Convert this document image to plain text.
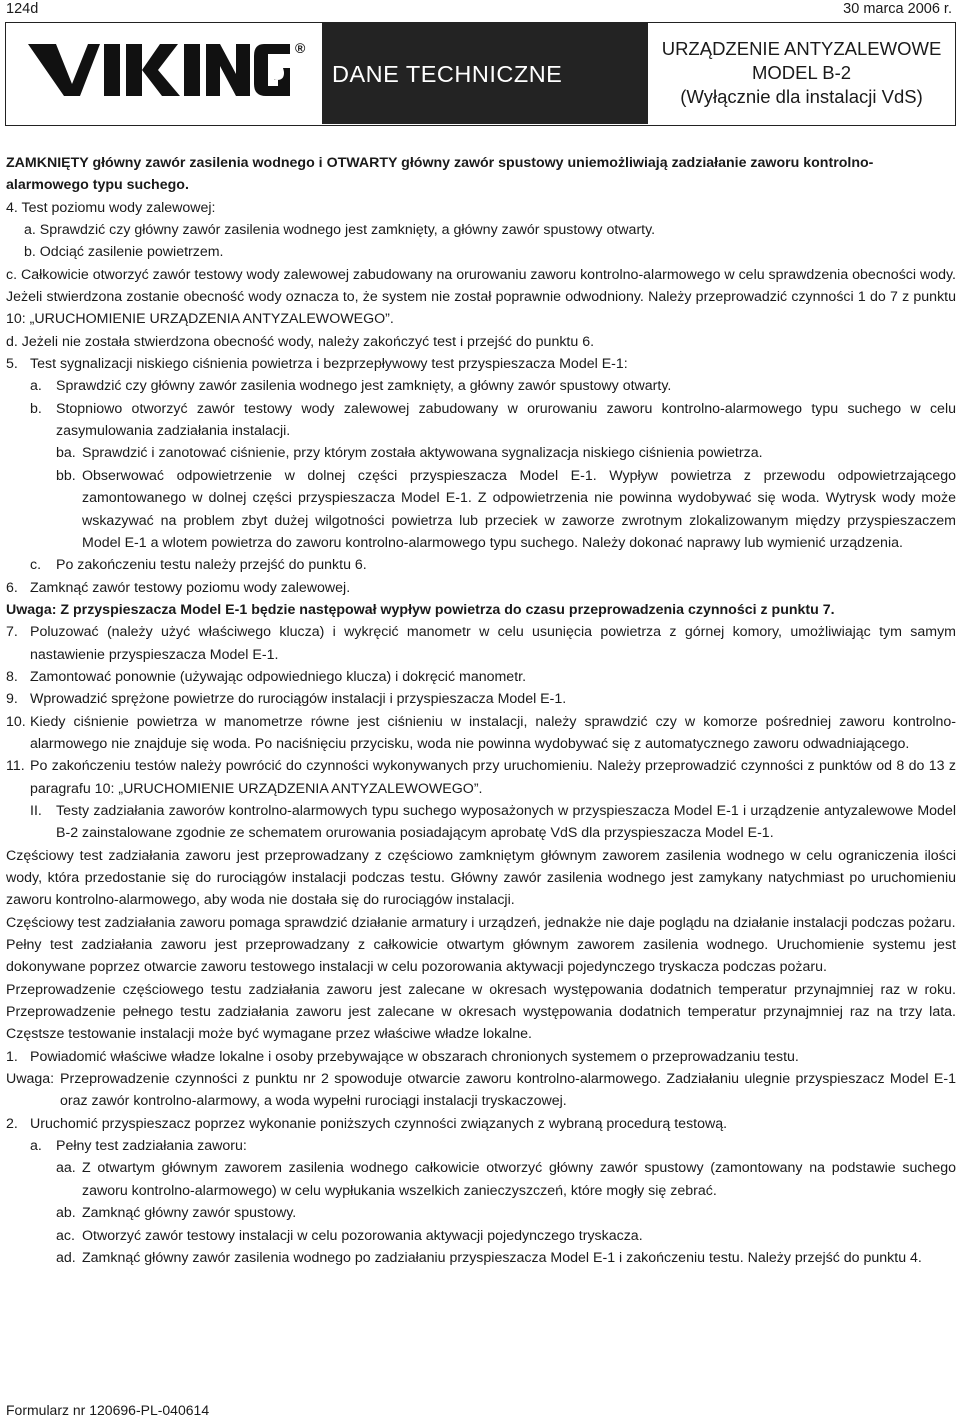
124d	30 marca 2006 r.
®
DANE TECHNICZNE
URZĄDZENIE ANTYZALEWOWE
MODEL B-2
(Wyłącznie dla instalacji VdS)

ZAMKNIĘTY główny zawór zasilenia wodnego i OTWARTY główny zawór spustowy uniemożliwiają zadziałanie zaworu kontrolno-alarmowego typu suchego.

4. Test poziomu wody zalewowej:

a. Sprawdzić czy główny zawór zasilenia wodnego jest zamknięty, a główny zawór spustowy otwarty.

b. Odciąć zasilenie powietrzem.

c. Całkowicie otworzyć zawór testowy wody zalewowej zabudowany na orurowaniu zaworu kontrolno-alarmowego w celu sprawdzenia obecności wody. Jeżeli stwierdzona zostanie obecność wody oznacza to, że system nie został poprawnie odwodniony. Należy przeprowadzić czynności 1 do 7 z punktu 10: „URUCHOMIENIE URZĄDZENIA ANTYZALEWOWEGO”.

d. Jeżeli nie została stwierdzona obecność wody, należy zakończyć test i przejść do punktu 6.

5. Test sygnalizacji niskiego ciśnienia powietrza i bezprzepływowy test przyspieszacza Model E-1:
a. Sprawdzić czy główny zawór zasilenia wodnego jest zamknięty, a główny zawór spustowy otwarty.
b. Stopniowo otworzyć zawór testowy wody zalewowej zabudowany w orurowaniu zaworu kontrolno-alarmowego typu suchego w celu zasymulowania zadziałania instalacji.
ba. Sprawdzić i zanotować ciśnienie, przy którym została aktywowana sygnalizacja niskiego ciśnienia powietrza.
bb. Obserwować odpowietrzenie w dolnej części przyspieszacza Model E-1. Wypływ powietrza z przewodu odpowietrzającego zamontowanego w dolnej części przyspieszacza Model E-1. Z odpowietrzenia nie powinna wydobywać się woda. Wytrysk wody może wskazywać na problem zbyt dużej wilgotności powietrza lub przeciek w zaworze zwrotnym zlokalizowanym między przyspieszaczem Model E-1 a wlotem powietrza do zaworu kontrolno-alarmowego typu suchego. Należy dokonać naprawy lub wymienić urządzenia.
c.	Po zakończeniu testu należy przejść do punktu 6.
6. Zamknąć zawór testowy poziomu wody zalewowej.

Uwaga: Z przyspieszacza Model E-1 będzie następował wypływ powietrza do czasu przeprowadzenia czynności z punktu 7.

7. Poluzować (należy użyć właściwego klucza) i wykręcić manometr w celu usunięcia powietrza z górnej komory, umożliwiając tym samym nastawienie przyspieszacza Model E-1.
8. Zamontować ponownie (używając odpowiedniego klucza) i dokręcić manometr.
9. Wprowadzić sprężone powietrze do rurociągów instalacji i przyspieszacza Model E-1.
10. Kiedy ciśnienie powietrza w manometrze równe jest ciśnieniu w instalacji, należy sprawdzić czy w komorze pośredniej zaworu kontrolno-alarmowego nie znajduje się woda. Po naciśnięciu przycisku, woda nie powinna wydobywać się z automatycznego zaworu odwadniającego.
11. Po zakończeniu testów należy powrócić do czynności wykonywanych przy uruchomieniu. Należy przeprowadzić czynności z punktów od 8 do 13 z paragrafu 10: „URUCHOMIENIE URZĄDZENIA ANTYZALEWOWEGO”.
II. Testy zadziałania zaworów kontrolno-alarmowych typu suchego wyposażonych w przyspieszacza Model E-1 i urządzenie antyzalewowe Model B-2 zainstalowane zgodnie ze schematem orurowania posiadającym aprobatę VdS dla przyspieszacza Model E-1.

Częściowy test zadziałania zaworu jest przeprowadzany z częściowo zamkniętym głównym zaworem zasilenia wodnego w celu ograniczenia ilości wody, która przedostanie się do rurociągów instalacji podczas testu. Główny zawór zasilenia wodnego jest zamykany natychmiast po uruchomieniu zaworu kontrolno-alarmowego, aby woda nie dostała się do rurociągów instalacji.

Częściowy test zadziałania zaworu pomaga sprawdzić działanie armatury i urządzeń, jednakże nie daje poglądu na działanie instalacji podczas pożaru.

Pełny test zadziałania zaworu jest przeprowadzany z całkowicie otwartym głównym zaworem zasilenia wodnego. Uruchomienie systemu jest dokonywane poprzez otwarcie zaworu testowego instalacji w celu pozorowania aktywacji pojedynczego tryskacza podczas pożaru.

Przeprowadzenie częściowego testu zadziałania zaworu jest zalecane w okresach występowania dodatnich temperatur przynajmniej raz w roku. Przeprowadzenie pełnego testu zadziałania zaworu jest zalecane w okresach występowania dodatnich temperatur przynajmniej raz na trzy lata. Częstsze testowanie instalacji może być wymagane przez właściwe władze lokalne.

1. Powiadomić właściwe władze lokalne i osoby przebywające w obszarach chronionych systemem o przeprowadzaniu testu.
Uwaga: Przeprowadzenie czynności z punktu nr 2 spowoduje otwarcie zaworu kontrolno-alarmowego. Zadziałaniu ulegnie przyspieszacz Model E-1 oraz zawór kontrolno-alarmowy, a woda wypełni rurociągi instalacji tryskaczowej.
2. Uruchomić przyspieszacz poprzez wykonanie poniższych czynności związanych z wybraną procedurą testową.
a. Pełny test zadziałania zaworu:
aa. Z otwartym głównym zaworem zasilenia wodnego całkowicie otworzyć główny zawór spustowy (zamontowany na podstawie suchego zaworu kontrolno-alarmowego) w celu wypłukania wszelkich zanieczyszczeń, które mogły się zebrać.
ab. Zamknąć główny zawór spustowy.
ac. Otworzyć zawór testowy instalacji w celu pozorowania aktywacji pojedynczego tryskacza.
ad. Zamknąć główny zawór zasilenia wodnego po zadziałaniu przyspieszacza Model E-1 i zakończeniu testu. Należy przejść do punktu 4.
Formularz nr 120696-PL-040614
